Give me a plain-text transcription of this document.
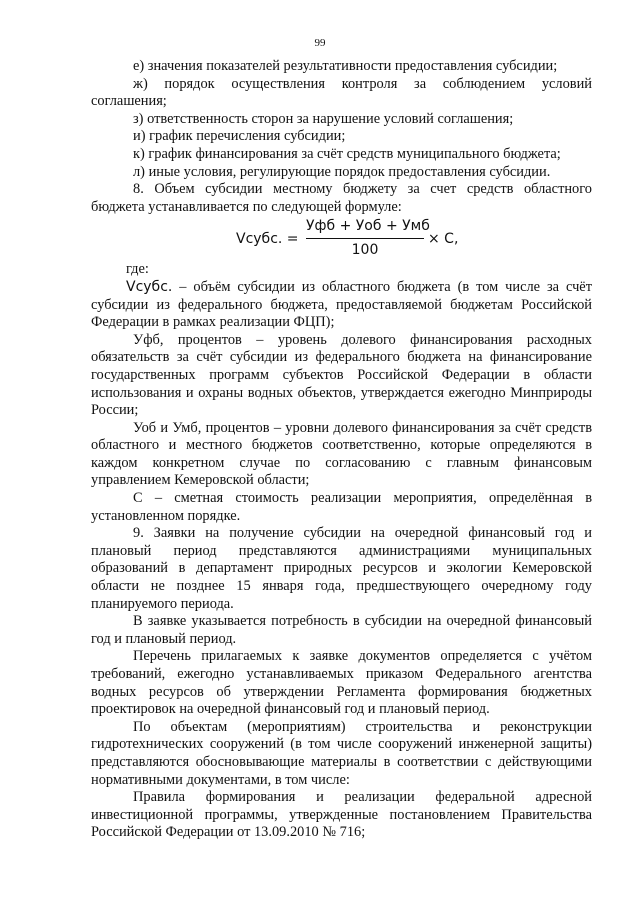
99

е) значения показателей результативности предоставления субсидии;

ж) порядок осуществления контроля за соблюдением условий соглашения;

з) ответственность сторон за нарушение условий соглашения;

и) график перечисления субсидии;

к) график финансирования за счёт средств муниципального бюджета;

л) иные условия, регулирующие порядок предоставления субсидии.

8. Объем субсидии местному бюджету за счет средств областного бюджета устанавливается по следующей формуле:

Vсубс. =
Уфб + Уоб + Умб
100
× C,

где:

Vсубс. – объём субсидии из областного бюджета (в том числе за счёт субсидии из федерального бюджета, предоставляемой бюджетам Российской Федерации в рамках реализации ФЦП);

Уфб, процентов – уровень долевого финансирования расходных обязательств за счёт субсидии из федерального бюджета на финансирование государственных программ субъектов Российской Федерации в области использования и охраны водных объектов, утверждается ежегодно Минприроды России;

Уоб и Умб, процентов – уровни долевого финансирования за счёт средств областного и местного бюджетов соответственно, которые определяются в каждом конкретном случае по согласованию с главным финансовым управлением Кемеровской области;

С – сметная стоимость реализации мероприятия, определённая в установленном порядке.

9. Заявки на получение субсидии на очередной финансовый год и плановый период представляются администрациями муниципальных образований в департамент природных ресурсов и экологии Кемеровской области не позднее 15 января года, предшествующего очередному году планируемого периода.

В заявке указывается потребность в субсидии на очередной финансовый год и плановый период.

Перечень прилагаемых к заявке документов определяется с учётом требований, ежегодно устанавливаемых приказом Федерального агентства водных ресурсов об утверждении Регламента формирования бюджетных проектировок на очередной финансовый год и плановый период.

По объектам (мероприятиям) строительства и реконструкции гидротехнических сооружений (в том числе сооружений инженерной защиты) представляются обосновывающие материалы в соответствии с действующими нормативными документами, в том числе:

Правила формирования и реализации федеральной адресной инвестиционной программы, утвержденные постановлением Правительства Российской Федерации от 13.09.2010 № 716;
